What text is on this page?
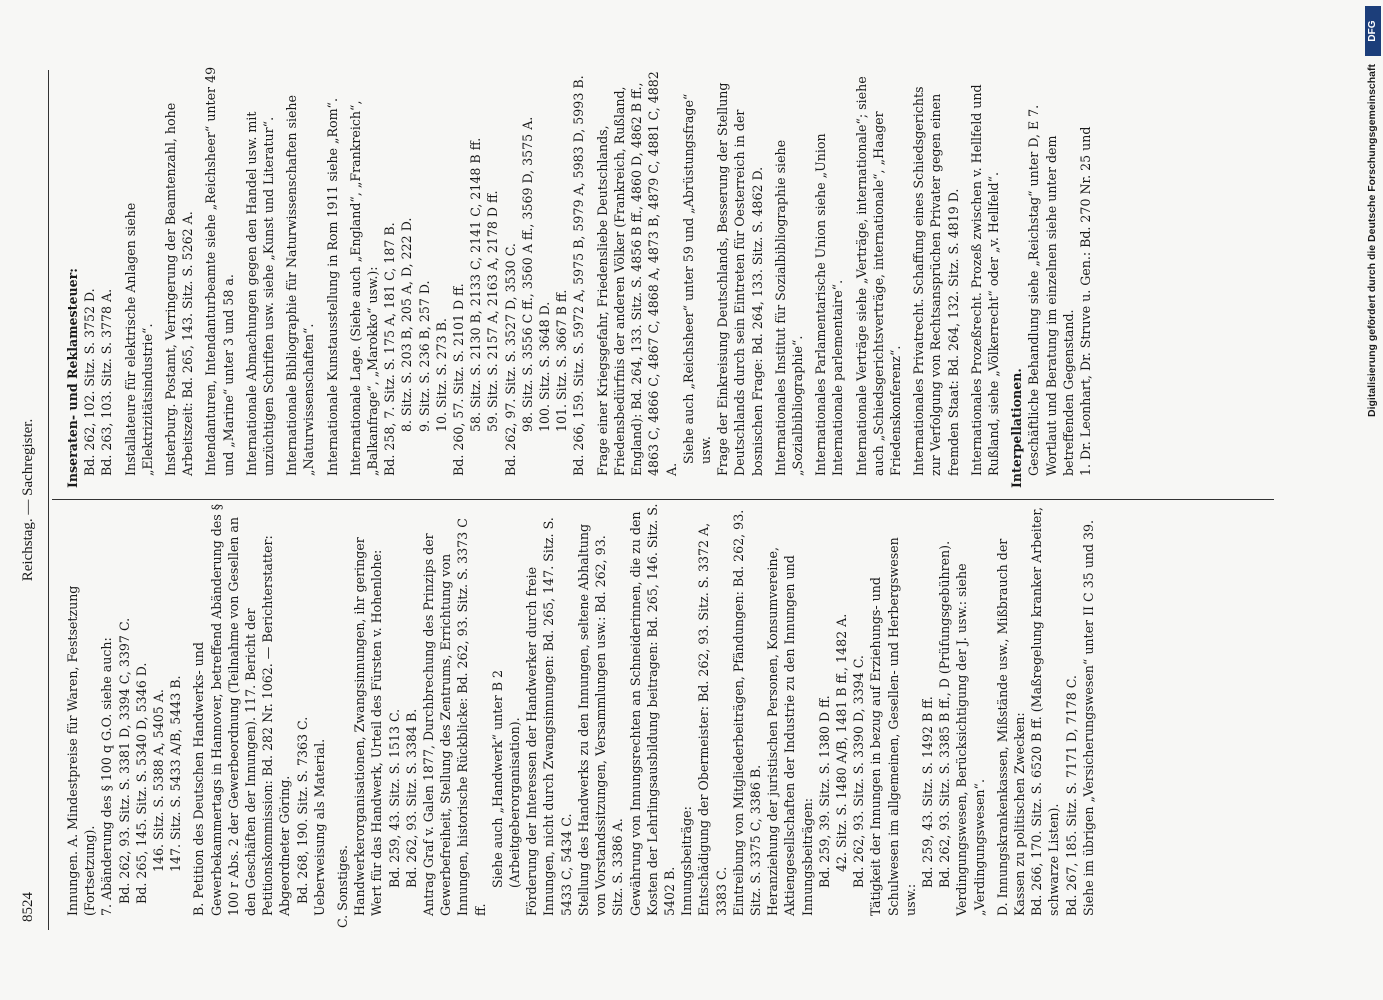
8524
Reichstag. — Sachregister.

Innungen. A. Mindestpreise für Waren, Festsetzung (Fortsetzung). 7. Abänderung des § 100 q G.O. siehe auch: Bd. 262, 93. Sitz. S. 3381 D, 3394 C, 3397 C. Bd. 265, 145. Sitz. S. 5340 D, 5346 D. 146. Sitz. S. 5388 A, 5405 A. 147. Sitz. S. 5433 A/B, 5443 B. B. Petition des Deutschen Handwerks- und Gewerbekammertags in Hannover, betreffend Abänderung des § 100 r Abs. 2 der Gewerbeordnung (Teilnahme von Gesellen an den Geschäften der Innungen). 117. Bericht der Petitionskommission: Bd. 282 Nr. 1062. — Berichterstatter: Abgeordneter Göring. Bd. 268, 190. Sitz. S. 7363 C. Ueberweisung als Material. C. Sonstiges. Handwerkerorganisationen, Zwangsinnungen, ihr geringer Wert für das Handwerk, Urteil des Fürsten v. Hohenlohe: Bd. 259, 43. Sitz. S. 1513 C. Bd. 262, 93. Sitz. S. 3384 B. Antrag Graf v. Galen 1877, Durchbrechung des Prinzips der Gewerbefreiheit, Stellung des Zentrums, Errichtung von Innungen, historische Rückblicke: Bd. 262, 93. Sitz. S. 3373 C ff.

Siehe auch „Handwerk“ unter B 2 (Arbeitgeberorganisation). Förderung der Interessen der Handwerker durch freie Innungen, nicht durch Zwangsinnungen: Bd. 265, 147. Sitz. S. 5433 C, 5434 C. Stellung des Handwerks zu den Innungen, seltene Abhaltung von Vorstandssitzungen, Versammlungen usw.: Bd. 262, 93. Sitz. S. 3386 A. Gewährung von Innungsrechten an Schneiderinnen, die zu den Kosten der Lehrlingsausbildung beitragen: Bd. 265, 146. Sitz. S. 5402 B. Innungsbeiträge: Entschädigung der Obermeister: Bd. 262, 93. Sitz. S. 3372 A, 3383 C. Eintreibung von Mitgliederbeiträgen, Pfändungen: Bd. 262, 93. Sitz. S. 3375 C, 3386 B. Heranziehung der juristischen Personen, Konsumvereine, Aktiengesellschaften der Industrie zu den Innungen und Innungsbeiträgen: Bd. 259, 39. Sitz. S. 1380 D ff. 42. Sitz. S. 1480 A/B, 1481 B ff., 1482 A. Bd. 262, 93. Sitz. S. 3390 D, 3394 C. Tätigkeit der Innungen in bezug auf Erziehungs- und Schulwesen im allgemeinen, Gesellen- und Herbergswesen usw.:

Bd. 259, 43. Sitz. S. 1492 B ff. Bd. 262, 93. Sitz. S. 3385 B ff., D (Prüfungsgebühren). Verdingungswesen, Berücksichtigung der J. usw.: siehe „Verdingungswesen“. D. Innungskrankenkassen, Mißstände usw., Mißbrauch der Kassen zu politischen Zwecken: Bd. 266, 170. Sitz. S. 6520 B ff. (Maßregelung kranker Arbeiter, schwarze Listen). Bd. 267, 185. Sitz. S. 7171 D, 7178 C. Siehe im übrigen „Versicherungswesen“ unter II C 35 und 39.

Inseraten- und Reklamesteuer: Bd. 262, 102. Sitz. S. 3752 D. Bd. 263, 103. Sitz. S. 3778 A. Installateure für elektrische Anlagen siehe „Elektrizitätsindustrie“. Insterburg. Postamt, Verringerung der Beamtenzahl, hohe Arbeitszeit: Bd. 265, 143. Sitz. S. 5262 A. Intendanturen, Intendanturbeamte siehe „Reichsheer“ unter 49 und „Marine“ unter 3 und 58 a. Internationale Abmachungen gegen den Handel usw. mit unzüchtigen Schriften usw. siehe „Kunst und Literatur“. Internationale Bibliographie für Naturwissenschaften siehe „Naturwissenschaften“. Internationale Kunstausstellung in Rom 1911 siehe „Rom“. Internationale Lage. (Siehe auch „England“, „Frankreich“, „Balkanfrage“, „Marokko“ usw.): Bd. 258, 7. Sitz. S. 175 A, 181 C, 187 B. 8. Sitz. S. 203 B, 205 A, D, 222 D. 9. Sitz. S. 236 B, 257 D. 10. Sitz. S. 273 B. Bd. 260, 57. Sitz. S. 2101 D ff. 58. Sitz. S. 2130 B, 2133 C, 2141 C, 2148 B ff. 59. Sitz. S. 2157 A, 2163 A, 2178 D ff. Bd. 262, 97. Sitz. S. 3527 D, 3530 C. 98. Sitz. S. 3556 C ff., 3560 A ff., 3569 D, 3575 A. 100. Sitz. S. 3648 D. 101. Sitz. S. 3667 B ff. Bd. 266, 159. Sitz. S. 5972 A, 5975 B, 5979 A, 5983 D, 5993 B. Frage einer Kriegsgefahr, Friedensliebe Deutschlands, Friedensbedürfnis der anderen Völker (Frankreich, Rußland, England): Bd. 264, 133. Sitz. S. 4856 B ff., 4860 D, 4862 B ff., 4863 C, 4866 C, 4867 C, 4868 A, 4873 B, 4879 C, 4881 C, 4882 A.

Siehe auch „Reichsheer“ unter 59 und „Abrüstungsfrage“ usw. Frage der Einkreisung Deutschlands, Besserung der Stellung Deutschlands durch sein Eintreten für Oesterreich in der bosnischen Frage: Bd. 264, 133. Sitz. S. 4862 D. Internationales Institut für Sozialbibliographie siehe „Sozialbibliographie“. Internationales Parlamentarische Union siehe „Union Internationale parlementaire“. Internationale Verträge siehe „Verträge, internationale“; siehe auch „Schiedsgerichtsverträge, internationale“, „Haager Friedenskonferenz“. Internationales Privatrecht. Schaffung eines Schiedsgerichts zur Verfolgung von Rechtsansprüchen Privater gegen einen fremden Staat: Bd. 264, 132. Sitz. S. 4819 D. Internationales Prozeßrecht. Prozeß zwischen v. Hellfeld und Rußland, siehe „Völkerrecht“ oder „v. Hellfeld“. Interpellationen. Geschäftliche Behandlung siehe „Reichstag“ unter D, E 7. Wortlaut und Beratung im einzelnen siehe unter dem betreffenden Gegenstand. 1. Dr. Leonhart, Dr. Struve u. Gen.: Bd. 270 Nr. 25 und

DFG
Digitalisierung gefördert durch die Deutsche Forschungsgemeinschaft
